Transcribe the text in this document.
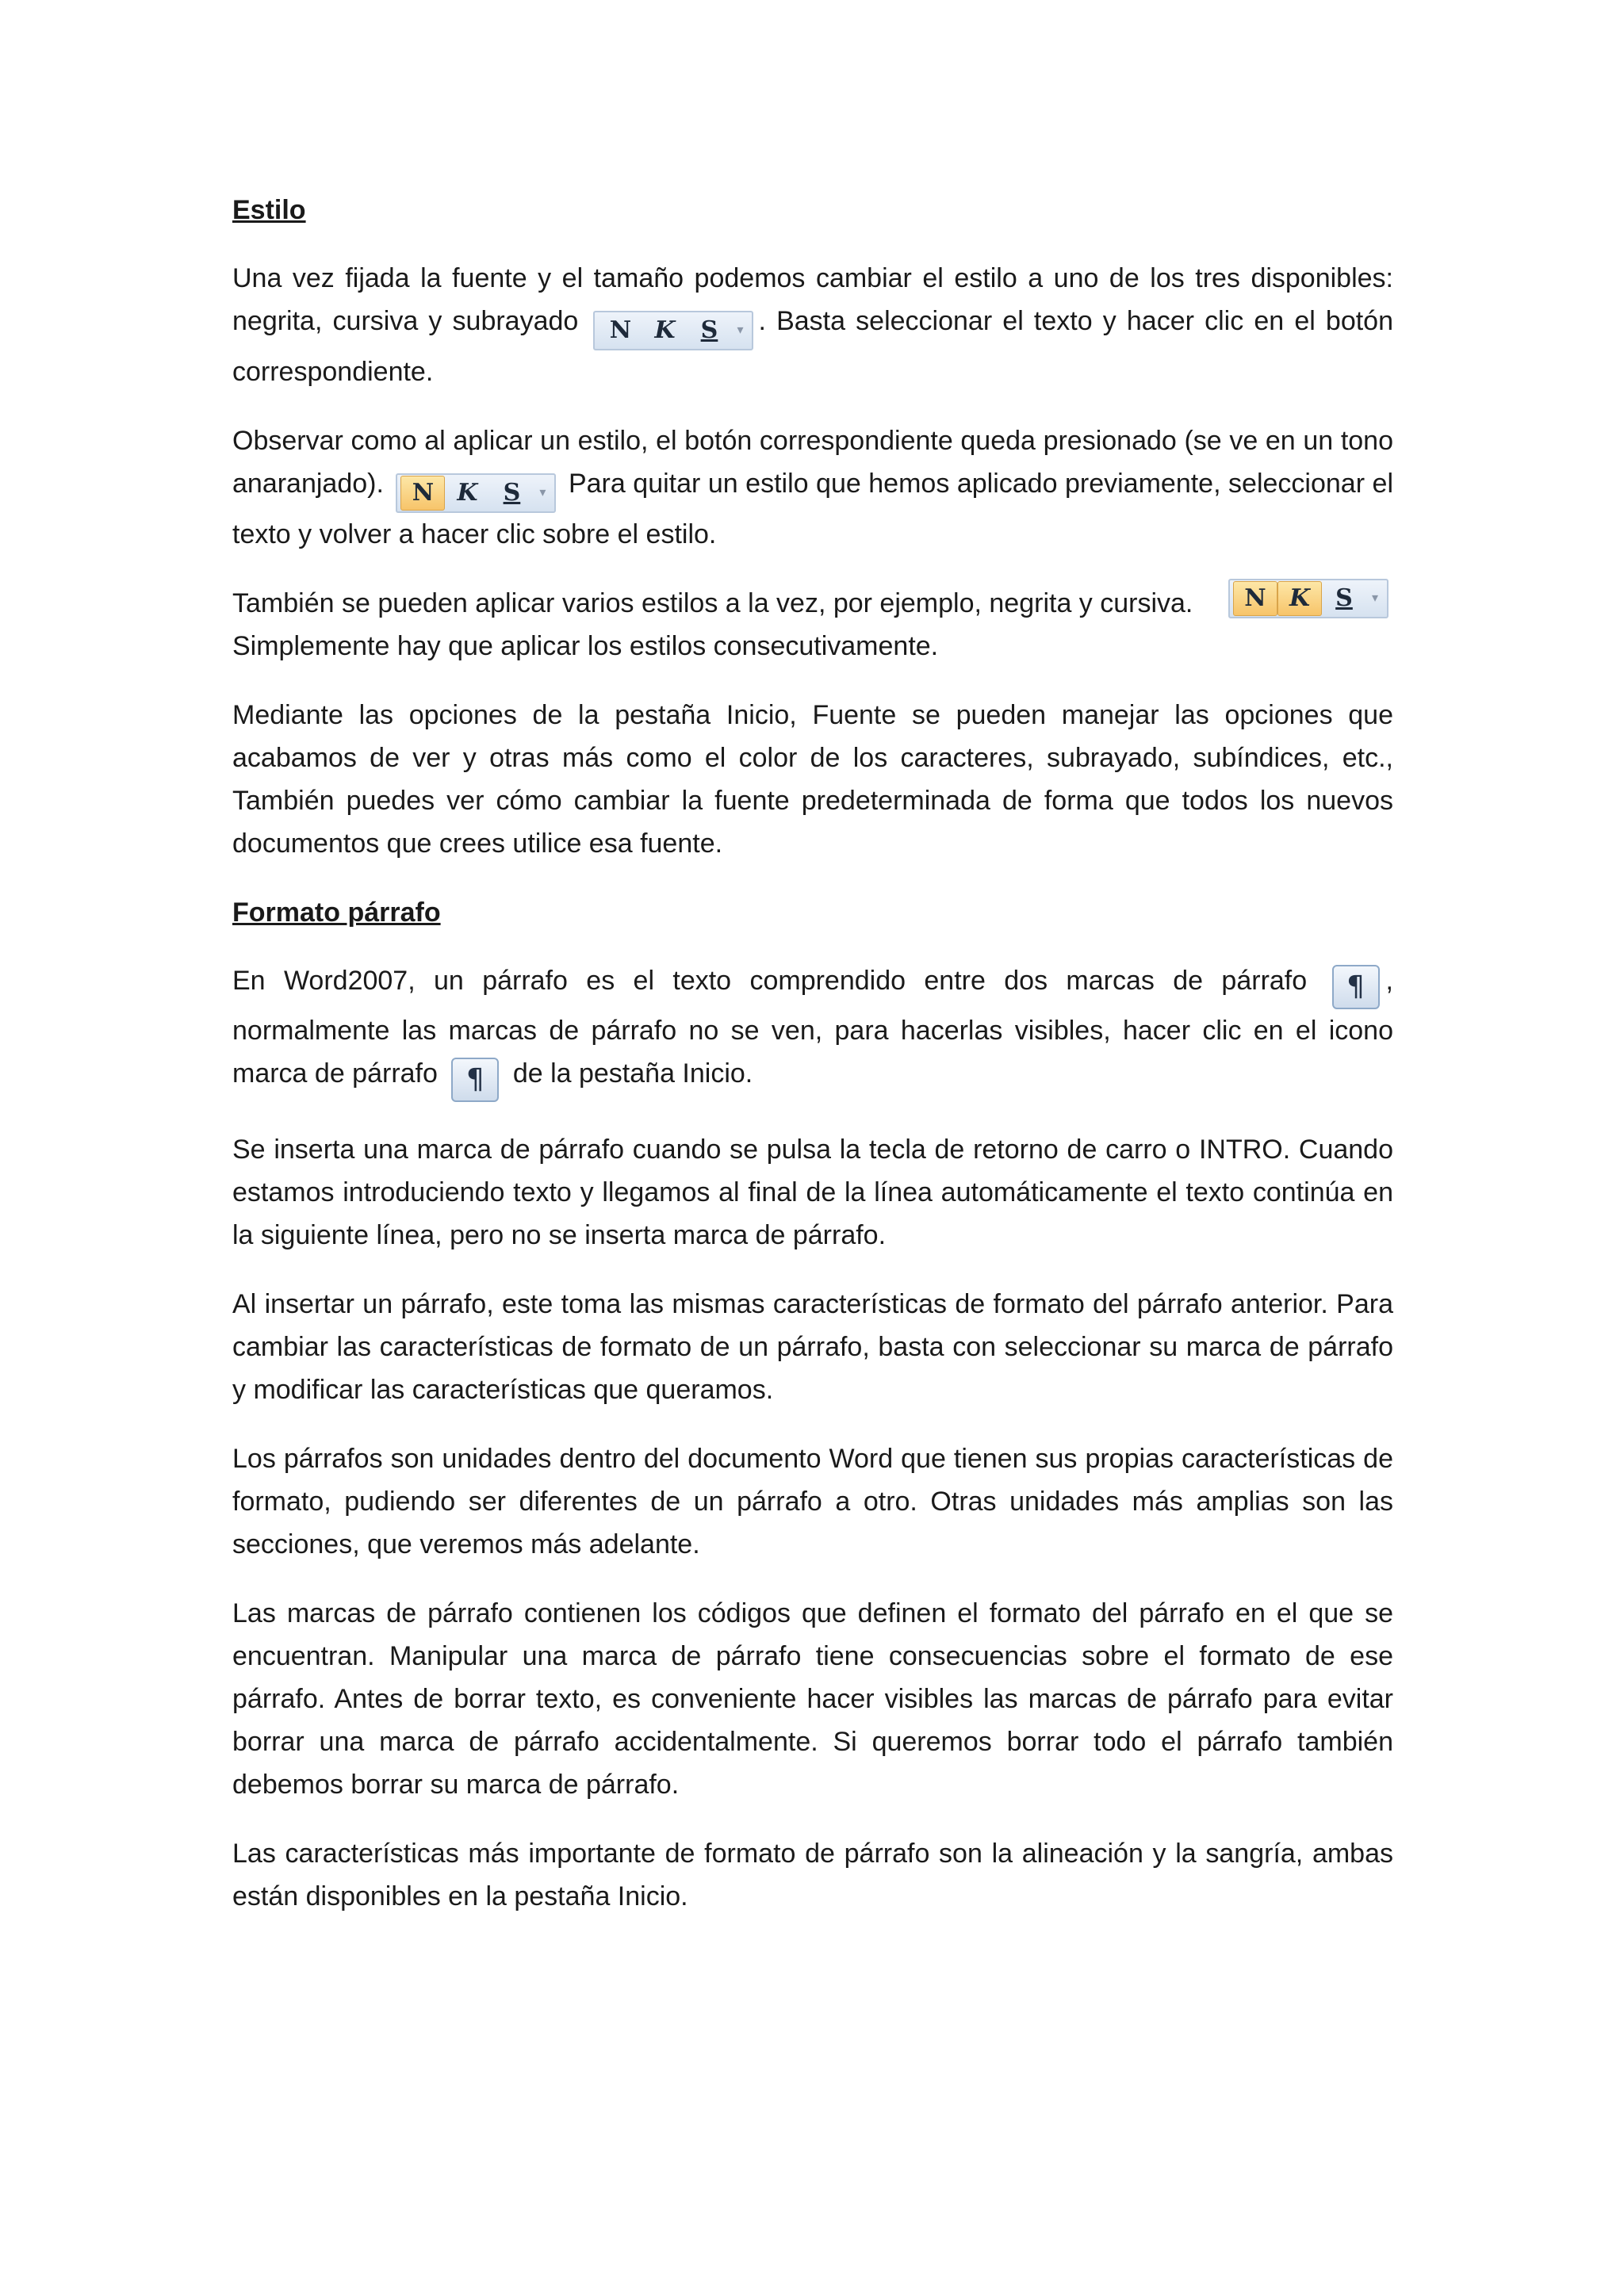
Estilo

Una vez fijada la fuente y el tamaño podemos cambiar el estilo a uno de los tres disponibles: negrita, cursiva y subrayado	N K	S	▾ . Basta seleccionar el texto y hacer clic en el botón correspondiente.

Observar como al aplicar un estilo, el botón correspondiente queda presionado (se ve en un tono anaranjado).	N K	S	▾ Para quitar un estilo que hemos aplicado previamente, seleccionar el texto y volver a hacer clic sobre el estilo.

También se pueden aplicar varios estilos a la vez, por ejemplo, negrita y cursiva.	N K	S	▾

Simplemente hay que aplicar los estilos consecutivamente.

Mediante las opciones de la pestaña Inicio, Fuente se pueden manejar las opciones que acabamos de ver y otras más como el color de los caracteres, subrayado, subíndices, etc., También puedes ver cómo cambiar la fuente predeterminada de forma que todos los nuevos documentos que crees utilice esa fuente.

Formato párrafo

En Word2007, un párrafo es el texto comprendido entre dos marcas de párrafo ¶ , normalmente las marcas de párrafo no se ven, para hacerlas visibles, hacer clic en el icono marca de párrafo ¶ de la pestaña Inicio.

Se inserta una marca de párrafo cuando se pulsa la tecla de retorno de carro o INTRO. Cuando estamos introduciendo texto y llegamos al final de la línea automáticamente el texto continúa en la siguiente línea, pero no se inserta marca de párrafo.

Al insertar un párrafo, este toma las mismas características de formato del párrafo anterior. Para cambiar las características de formato de un párrafo, basta con seleccionar su marca de párrafo y modificar las características que queramos.

Los párrafos son unidades dentro del documento Word que tienen sus propias características de formato, pudiendo ser diferentes de un párrafo a otro. Otras unidades más amplias son las secciones, que veremos más adelante.

Las marcas de párrafo contienen los códigos que definen el formato del párrafo en el que se encuentran. Manipular una marca de párrafo tiene consecuencias sobre el formato de ese párrafo. Antes de borrar texto, es conveniente hacer visibles las marcas de párrafo para evitar borrar una marca de párrafo accidentalmente. Si queremos borrar todo el párrafo también debemos borrar su marca de párrafo.

Las características más importante de formato de párrafo son la alineación y la sangría, ambas están disponibles en la pestaña Inicio.
